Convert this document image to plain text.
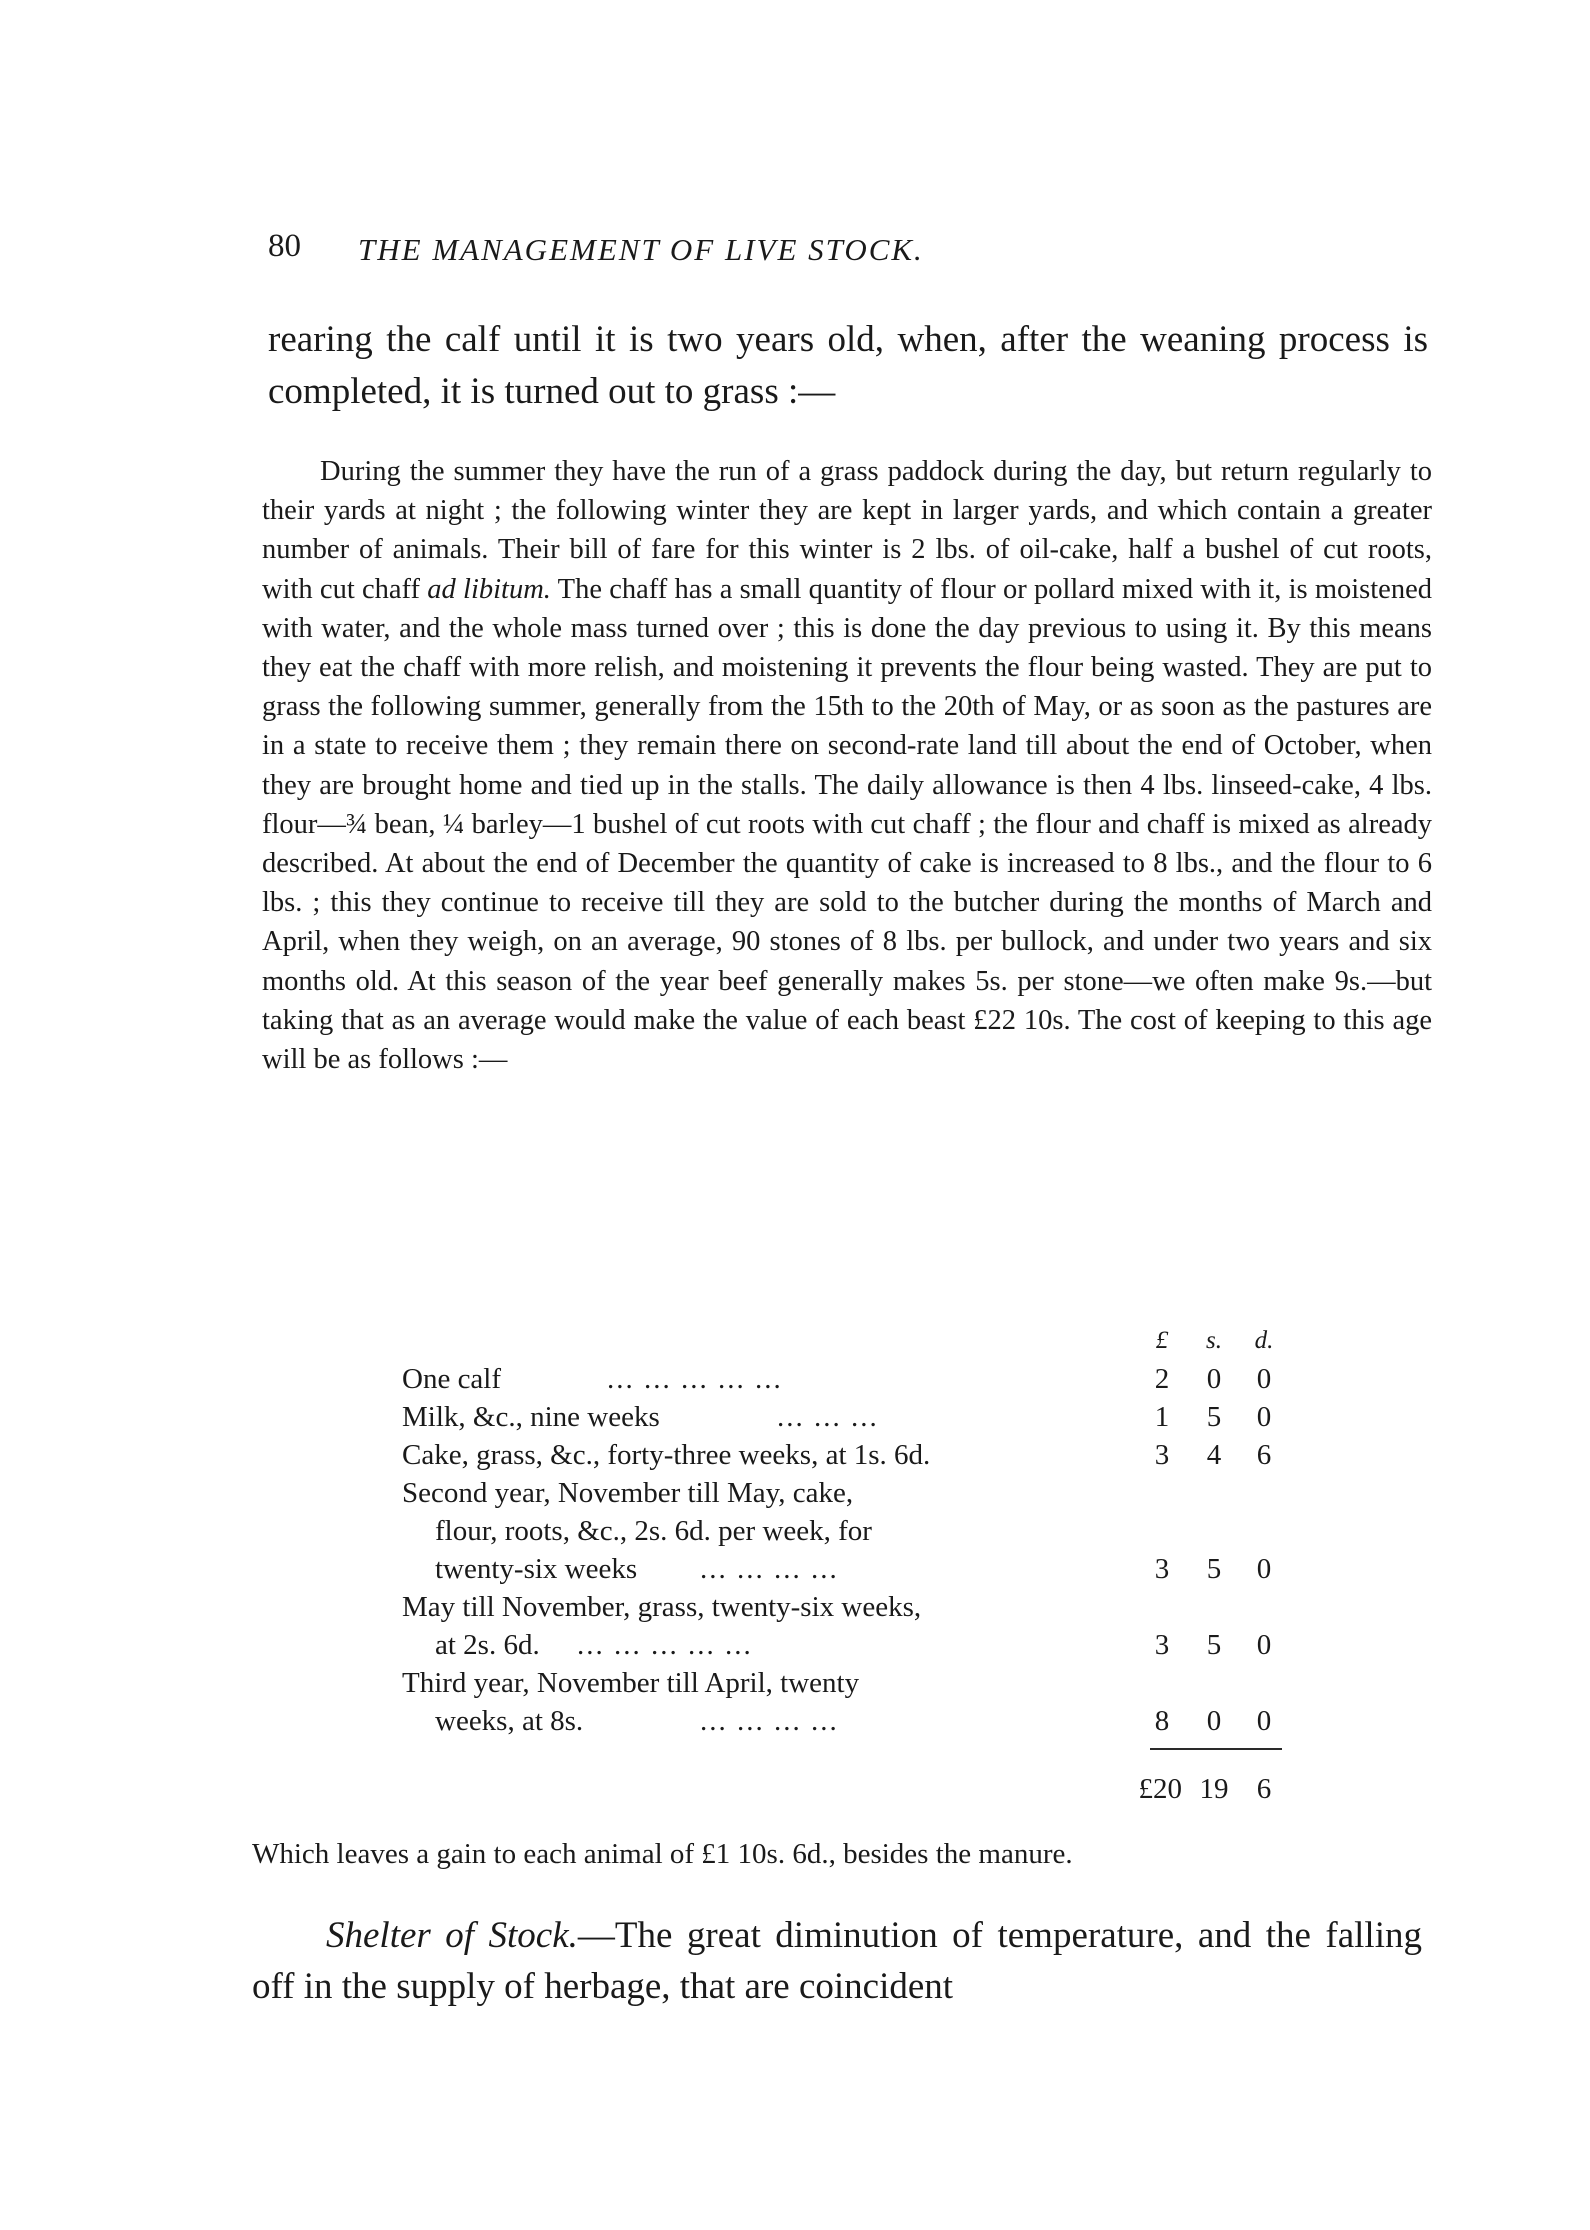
80 THE MANAGEMENT OF LIVE STOCK.

rearing the calf until it is two years old, when, after the weaning process is completed, it is turned out to grass :—

During the summer they have the run of a grass paddock during the day, but return regularly to their yards at night ; the following winter they are kept in larger yards, and which contain a greater number of animals. Their bill of fare for this winter is 2 lbs. of oil-cake, half a bushel of cut roots, with cut chaff ad libitum. The chaff has a small quantity of flour or pollard mixed with it, is moistened with water, and the whole mass turned over ; this is done the day previous to using it. By this means they eat the chaff with more relish, and moistening it prevents the flour being wasted. They are put to grass the following summer, generally from the 15th to the 20th of May, or as soon as the pastures are in a state to receive them ; they remain there on second-rate land till about the end of October, when they are brought home and tied up in the stalls. The daily allowance is then 4 lbs. linseed-cake, 4 lbs. flour—¾ bean, ¼ barley—1 bushel of cut roots with cut chaff ; the flour and chaff is mixed as already described. At about the end of December the quantity of cake is increased to 8 lbs., and the flour to 6 lbs. ; this they continue to receive till they are sold to the butcher during the months of March and April, when they weigh, on an average, 90 stones of 8 lbs. per bullock, and under two years and six months old. At this season of the year beef generally makes 5s. per stone—we often make 9s.—but taking that as an average would make the value of each beast £22 10s. The cost of keeping to this age will be as follows :—

£	s.	d.
One calf	... ... ... ... ...	2	0	0
Milk, &c., nine weeks	... ... ...	1	5	0
Cake, grass, &c., forty-three weeks, at 1s. 6d.	3	4	6
Second year, November till May, cake,
flour, roots, &c., 2s. 6d. per week, for
twenty-six weeks ... ... ... ...	3	5	0
May till November, grass, twenty-six weeks,
at 2s. 6d. ... ... ... ... ...	3	5	0
Third year, November till April, twenty
weeks, at 8s.	... ... ... ...	8	0	0
£20 19 6

Which leaves a gain to each animal of £1 10s. 6d., besides the manure.

Shelter of Stock.—The great diminution of temperature, and the falling off in the supply of herbage, that are coincident
